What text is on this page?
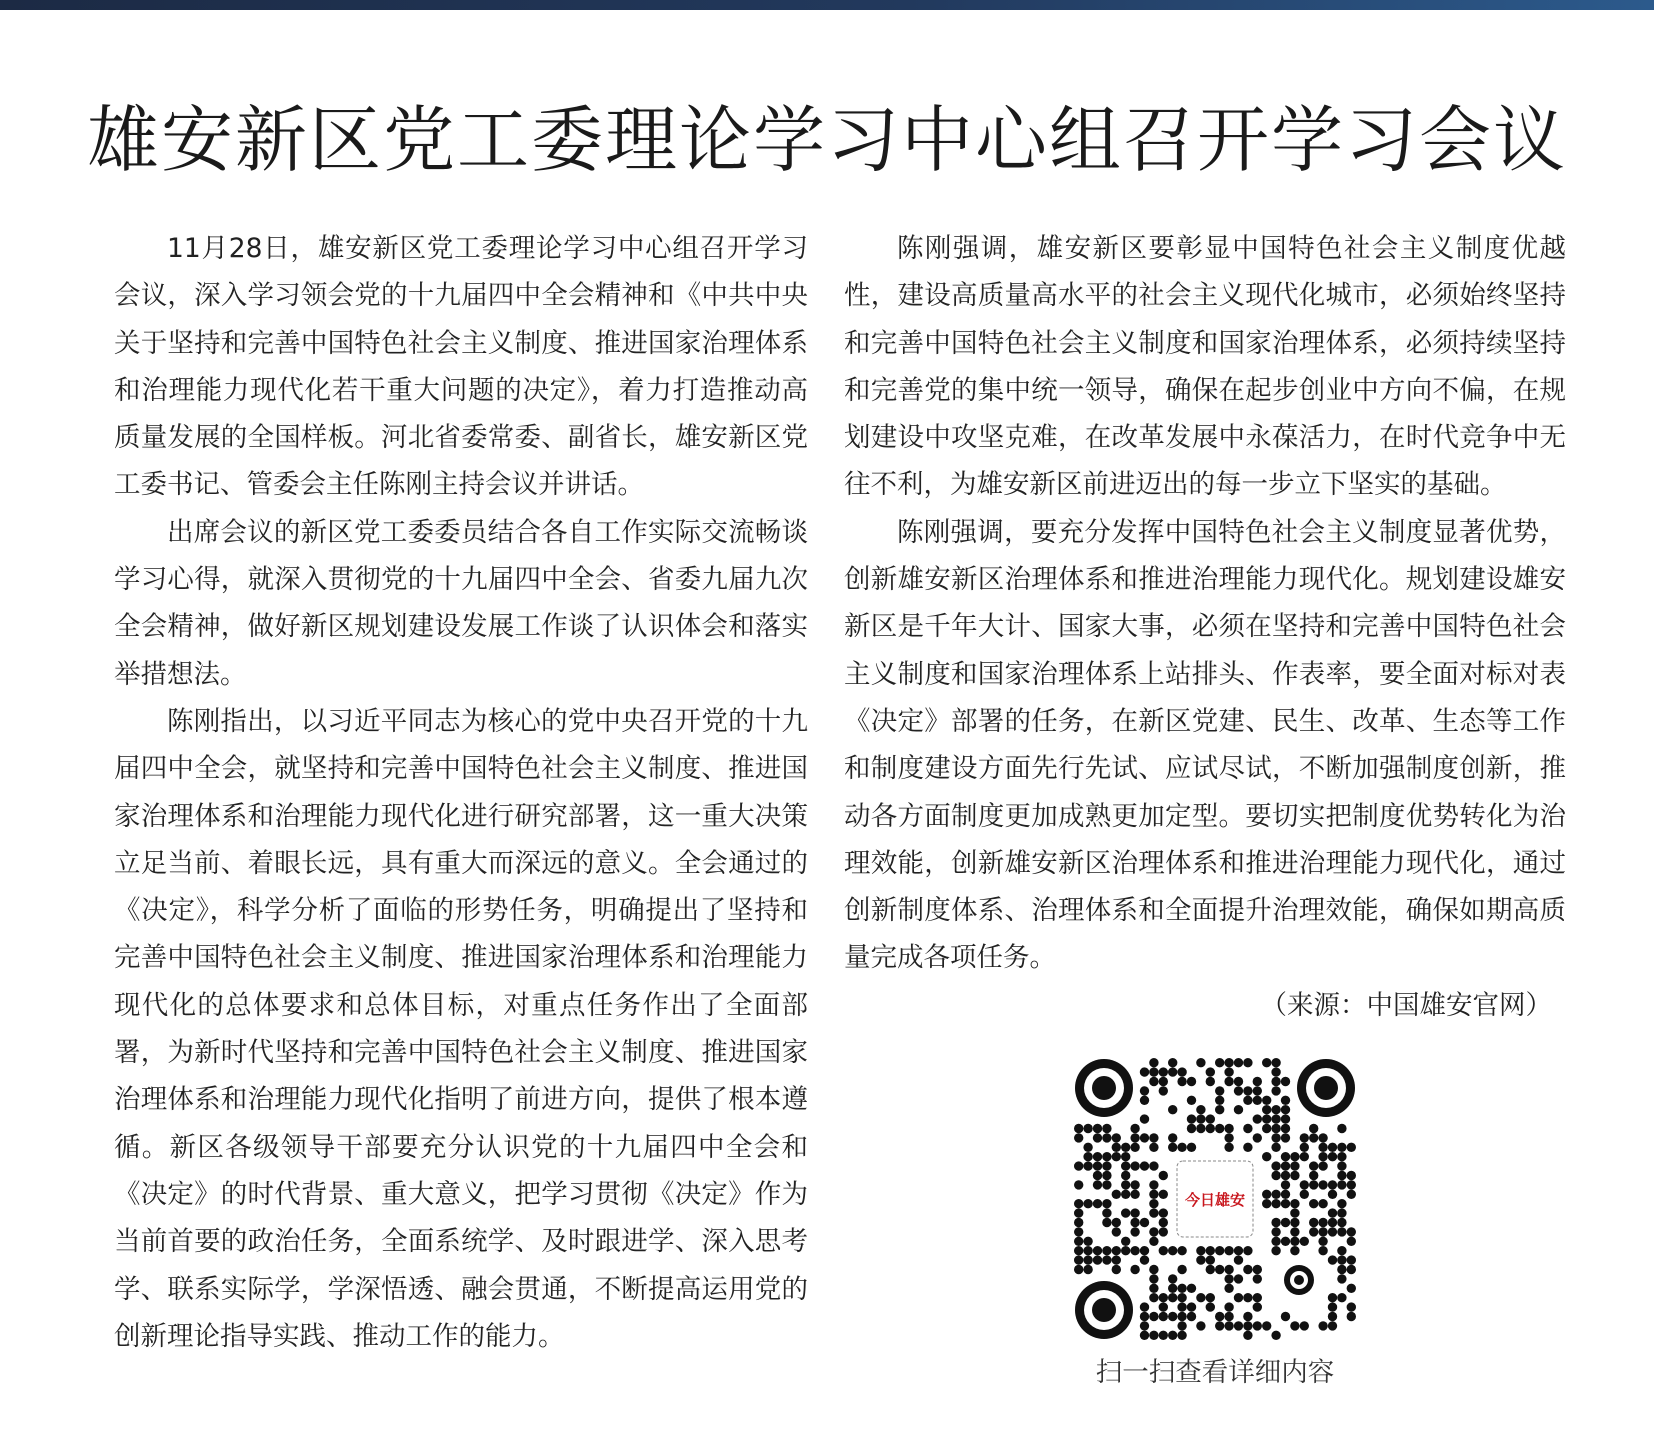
雄安新区党工委理论学习中心组召开学习会议

11月28日，雄安新区党工委理论学习中心组召开学习会议，深入学习领会党的十九届四中全会精神和《中共中央关于坚持和完善中国特色社会主义制度、推进国家治理体系和治理能力现代化若干重大问题的决定》，着力打造推动高质量发展的全国样板。河北省委常委、副省长，雄安新区党工委书记、管委会主任陈刚主持会议并讲话。

出席会议的新区党工委委员结合各自工作实际交流畅谈学习心得，就深入贯彻党的十九届四中全会、省委九届九次全会精神，做好新区规划建设发展工作谈了认识体会和落实举措想法。

陈刚指出，以习近平同志为核心的党中央召开党的十九届四中全会，就坚持和完善中国特色社会主义制度、推进国家治理体系和治理能力现代化进行研究部署，这一重大决策立足当前、着眼长远，具有重大而深远的意义。全会通过的《决定》，科学分析了面临的形势任务，明确提出了坚持和完善中国特色社会主义制度、推进国家治理体系和治理能力现代化的总体要求和总体目标，对重点任务作出了全面部署，为新时代坚持和完善中国特色社会主义制度、推进国家治理体系和治理能力现代化指明了前进方向，提供了根本遵循。新区各级领导干部要充分认识党的十九届四中全会和《决定》的时代背景、重大意义，把学习贯彻《决定》作为当前首要的政治任务，全面系统学、及时跟进学、深入思考学、联系实际学，学深悟透、融会贯通，不断提高运用党的创新理论指导实践、推动工作的能力。

陈刚强调，雄安新区要彰显中国特色社会主义制度优越性，建设高质量高水平的社会主义现代化城市，必须始终坚持和完善中国特色社会主义制度和国家治理体系，必须持续坚持和完善党的集中统一领导，确保在起步创业中方向不偏，在规划建设中攻坚克难，在改革发展中永葆活力，在时代竞争中无往不利，为雄安新区前进迈出的每一步立下坚实的基础。

陈刚强调，要充分发挥中国特色社会主义制度显著优势，创新雄安新区治理体系和推进治理能力现代化。规划建设雄安新区是千年大计、国家大事，必须在坚持和完善中国特色社会主义制度和国家治理体系上站排头、作表率，要全面对标对表《决定》部署的任务，在新区党建、民生、改革、生态等工作和制度建设方面先行先试、应试尽试，不断加强制度创新，推动各方面制度更加成熟更加定型。要切实把制度优势转化为治理效能，创新雄安新区治理体系和推进治理能力现代化，通过创新制度体系、治理体系和全面提升治理效能，确保如期高质量完成各项任务。

（来源：中国雄安官网）

今日雄安
扫一扫查看详细内容
